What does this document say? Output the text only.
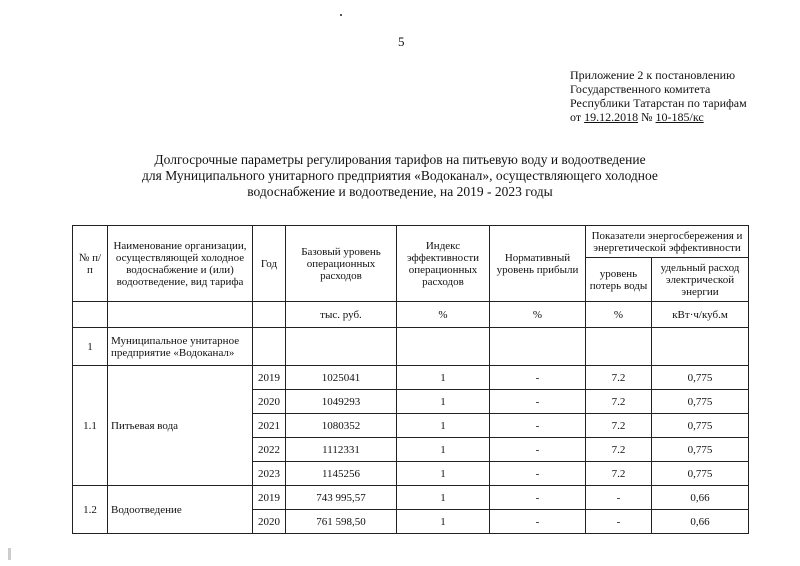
5
Приложение 2 к постановлению
Государственного комитета
Республики Татарстан по тарифам
от 19.12.2018 № 10-185/кс
Долгосрочные параметры регулирования тарифов на питьевую воду и водоотведение
для Муниципального унитарного предприятия «Водоканал», осуществляющего холодное
водоснабжение и водоотведение, на 2019 - 2023 годы
№ п/п	Наименование организации, осуществляющей холодное водоснабжение и (или) водоотведение, вид тарифа	Год	Базовый уровень операционных расходов	Индекс эффективности операционных расходов	Нормативный уровень прибыли	Показатели энергосбережения и энергетической эффективности	
						уровень потерь воды	удельный расход электрической энергии
			тыс. руб.	%	%	%	кВт·ч/куб.м
1	Муниципальное унитарное предприятие «Водоканал»						
1.1	Питьевая вода	2019	1025041	1	-	7.2	0,775
		2020	1049293	1	-	7.2	0,775
		2021	1080352	1	-	7.2	0,775
		2022	1112331	1	-	7.2	0,775
		2023	1145256	1	-	7.2	0,775
1.2	Водоотведение	2019	743 995,57	1	-	-	0,66
		2020	761 598,50	1	-	-	0,66
